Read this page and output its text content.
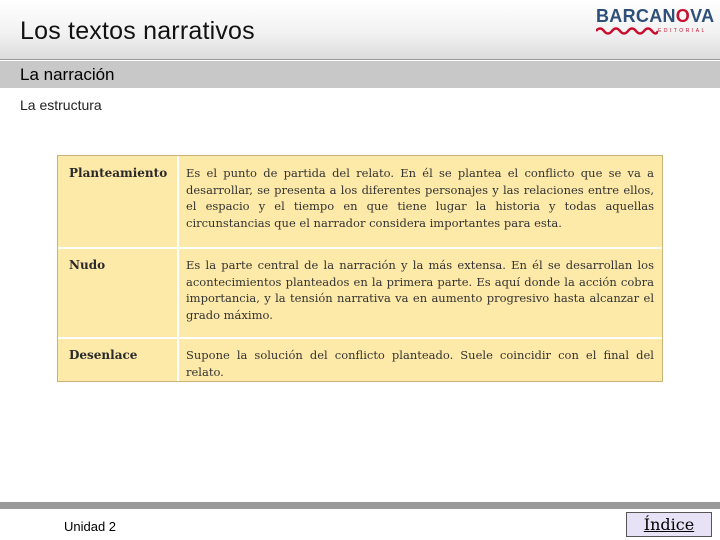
Los textos narrativos
BARCANOVA
EDITORIAL
La narración
La estructura
Planteamiento Es el punto de partida del relato. En él se plantea el conflicto que se va a desarrollar, se presenta a los diferentes personajes y las relaciones entre ellos, el espacio y el tiempo en que tiene lugar la historia y todas aquellas circunstancias que el narrador considera importantes para esta.
Nudo	Es la parte central de la narración y la más extensa. En él se desarrollan los acontecimientos planteados en la primera parte. Es aquí donde la acción cobra importancia, y la tensión narrativa va en aumento progresivo hasta alcanzar el grado máximo.
Desenlace	Supone la solución del conflicto planteado. Suele coincidir con el final del relato.
Unidad 2	Índice
